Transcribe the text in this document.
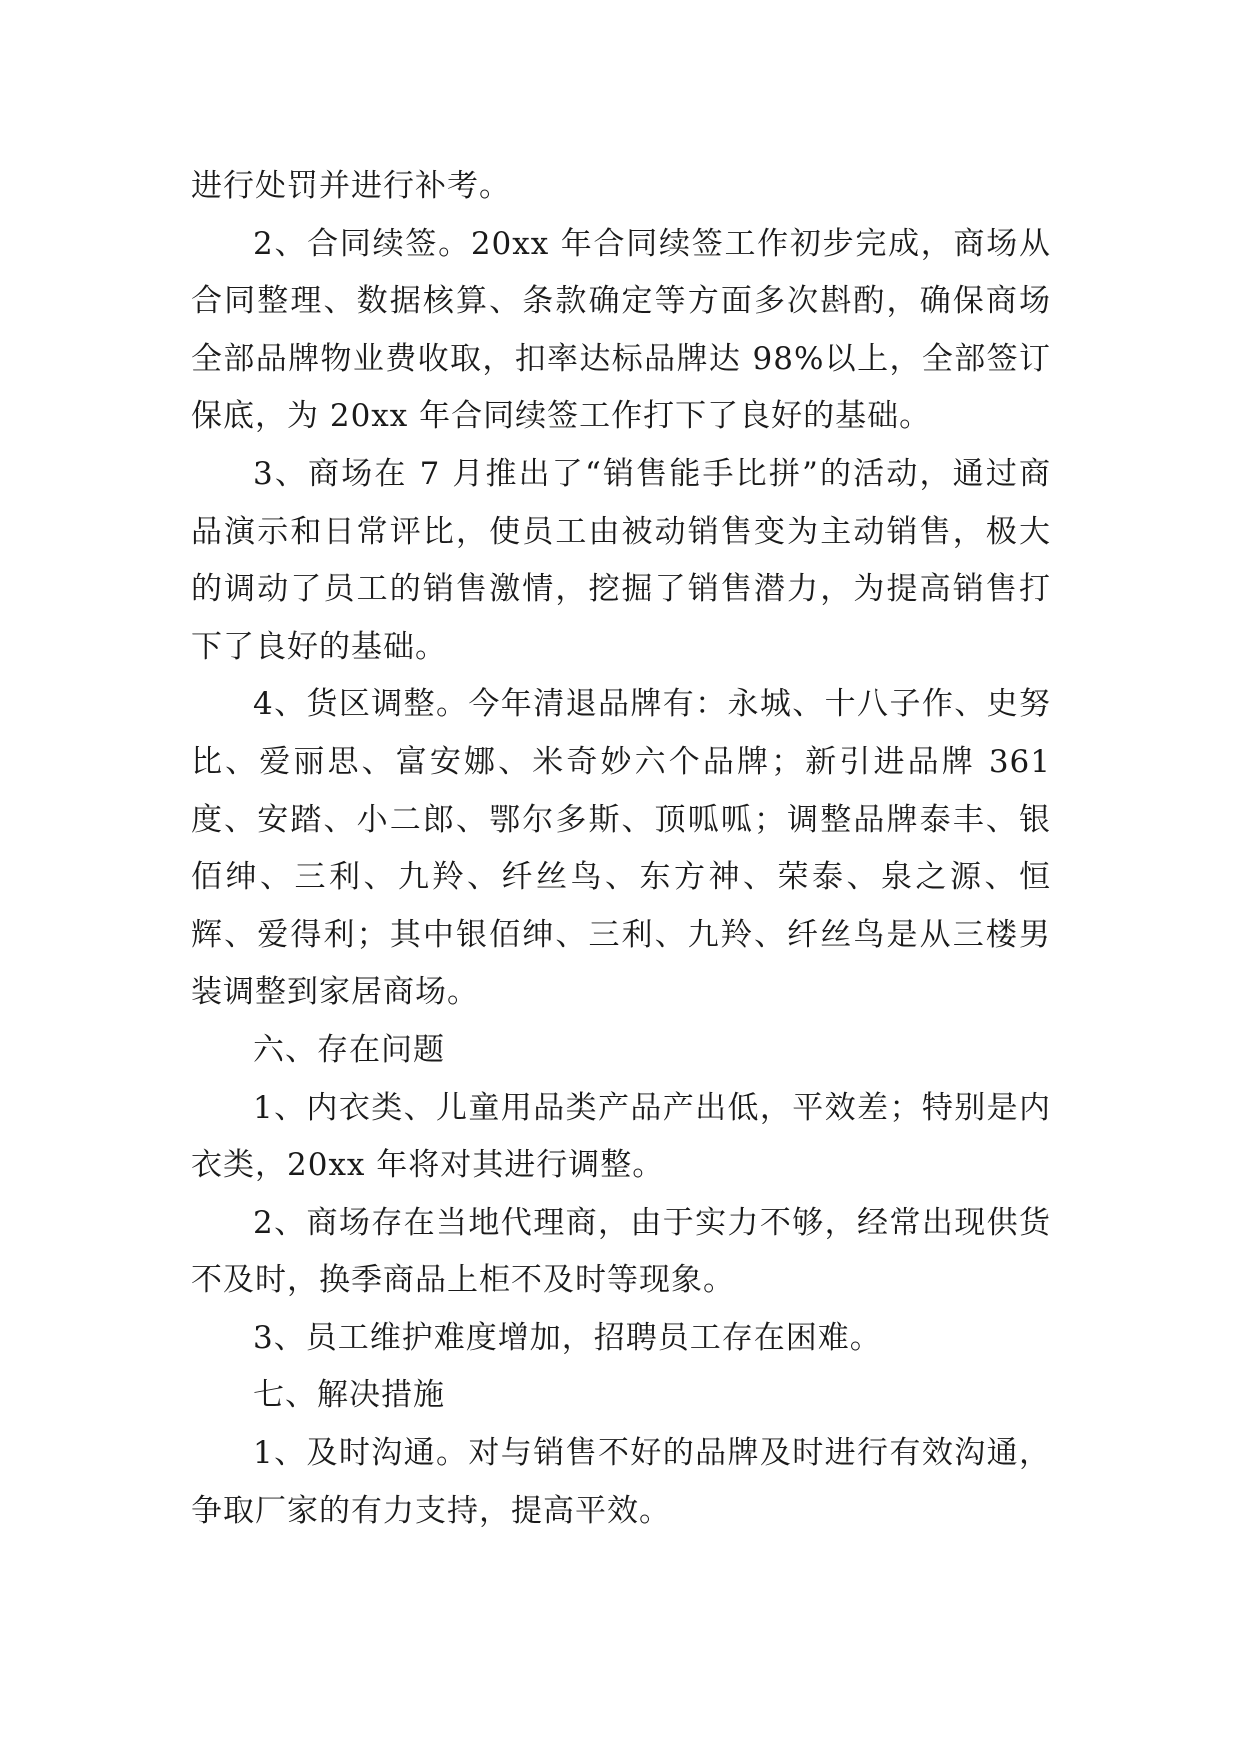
进行处罚并进行补考。

2、合同续签。20xx 年合同续签工作初步完成，商场从合同整理、数据核算、条款确定等方面多次斟酌，确保商场全部品牌物业费收取，扣率达标品牌达 98%以上，全部签订保底，为 20xx 年合同续签工作打下了良好的基础。

3、商场在 7 月推出了“销售能手比拼”的活动，通过商品演示和日常评比，使员工由被动销售变为主动销售，极大的调动了员工的销售激情，挖掘了销售潜力，为提高销售打下了良好的基础。

4、货区调整。今年清退品牌有：永城、十八子作、史努比、爱丽思、富安娜、米奇妙六个品牌；新引进品牌 361 度、安踏、小二郎、鄂尔多斯、顶呱呱；调整品牌泰丰、银佰绅、三利、九羚、纤丝鸟、东方神、荣泰、泉之源、恒辉、爱得利；其中银佰绅、三利、九羚、纤丝鸟是从三楼男装调整到家居商场。

六、存在问题

1、内衣类、儿童用品类产品产出低，平效差；特别是内衣类，20xx 年将对其进行调整。

2、商场存在当地代理商，由于实力不够，经常出现供货不及时，换季商品上柜不及时等现象。

3、员工维护难度增加，招聘员工存在困难。

七、解决措施

1、及时沟通。对与销售不好的品牌及时进行有效沟通，争取厂家的有力支持，提高平效。
